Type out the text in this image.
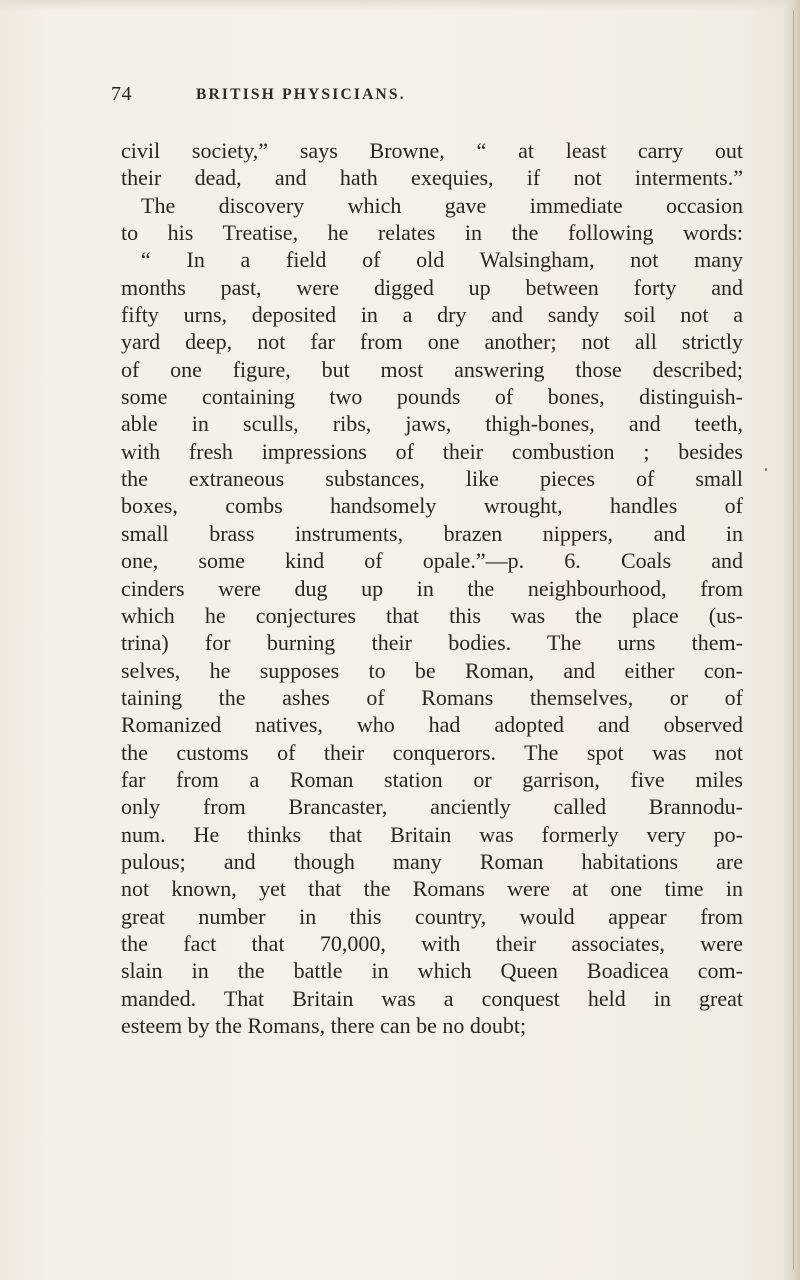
74	BRITISH PHYSICIANS.
civil society,” says Browne, “ at least carry out
their dead, and hath exequies, if not interments.”
The discovery which gave immediate occasion
to his Treatise, he relates in the following words:
“ In a field of old Walsingham, not many
months past, were digged up between forty and
fifty urns, deposited in a dry and sandy soil not a
yard deep, not far from one another; not all strictly
of one figure, but most answering those described;
some containing two pounds of bones, distinguish-
able in sculls, ribs, jaws, thigh-bones, and teeth,
with fresh impressions of their combustion ; besides
the extraneous substances, like pieces of small
boxes, combs handsomely wrought, handles of
small brass instruments, brazen nippers, and in
one, some kind of opale.”—p. 6. Coals and
cinders were dug up in the neighbourhood, from
which he conjectures that this was the place (us-
trina) for burning their bodies. The urns them-
selves, he supposes to be Roman, and either con-
taining the ashes of Romans themselves, or of
Romanized natives, who had adopted and observed
the customs of their conquerors. The spot was not
far from a Roman station or garrison, five miles
only from Brancaster, anciently called Brannodu-
num. He thinks that Britain was formerly very po-
pulous; and though many Roman habitations are
not known, yet that the Romans were at one time in
great number in this country, would appear from
the fact that 70,000, with their associates, were
slain in the battle in which Queen Boadicea com-
manded. That Britain was a conquest held in great
esteem by the Romans, there can be no doubt;
